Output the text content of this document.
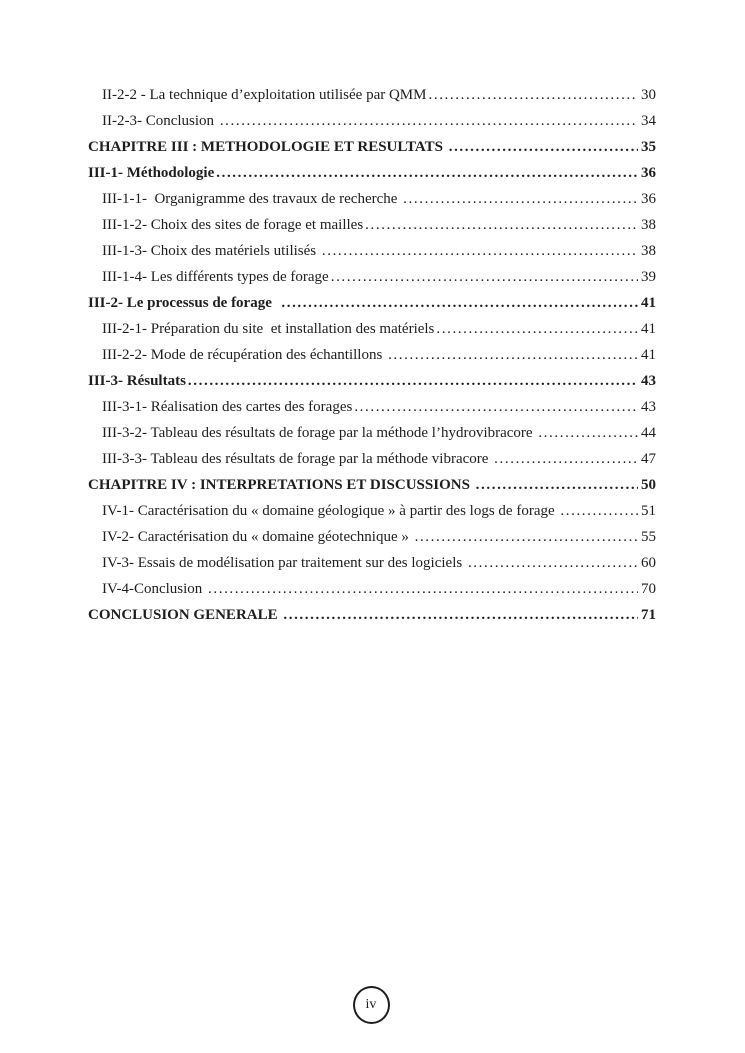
II-2-2 - La technique d’exploitation utilisée par QMM .....	30
II-2-3- Conclusion .....	34
CHAPITRE III : METHODOLOGIE ET RESULTATS .....	35
III-1- Méthodologie .....	36
III-1-1-  Organigramme des travaux de recherche .....	36
III-1-2- Choix des sites de forage et mailles .....	38
III-1-3- Choix des matériels utilisés .....	38
III-1-4- Les différents types de forage .....	39
III-2- Le processus de forage .....	41
III-2-1- Préparation du site  et installation des matériels .....	41
III-2-2- Mode de récupération des échantillons .....	41
III-3- Résultats .....	43
III-3-1- Réalisation des cartes des forages .....	43
III-3-2- Tableau des résultats de forage par la méthode l’hydrovibracore .....	44
III-3-3- Tableau des résultats de forage par la méthode vibracore .....	47
CHAPITRE IV : INTERPRETATIONS ET DISCUSSIONS .....	50
IV-1- Caractérisation du « domaine géologique » à partir des logs de forage .....	51
IV-2- Caractérisation du « domaine géotechnique » .....	55
IV-3- Essais de modélisation par traitement sur des logiciels .....	60
IV-4-Conclusion .....	70
CONCLUSION GENERALE .....	71
iv
